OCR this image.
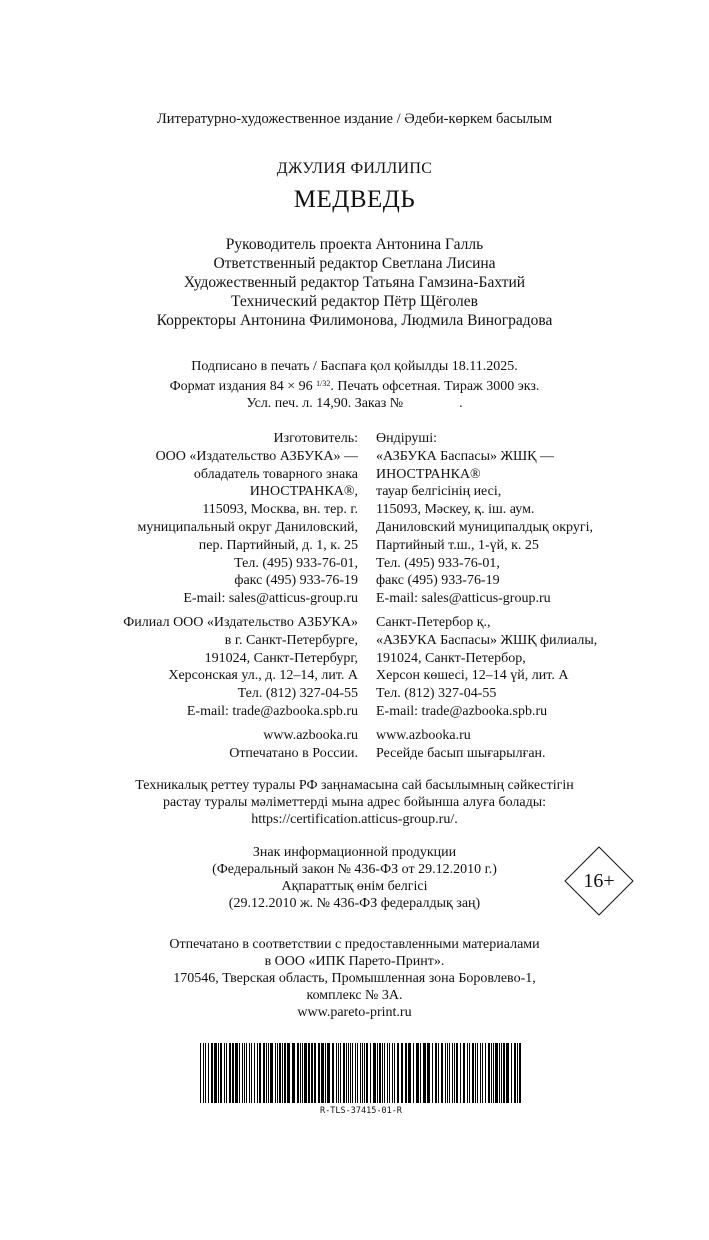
Литературно-художественное издание / Әдеби-көркем басылым
ДЖУЛИЯ ФИЛЛИПС
МЕДВЕДЬ
Руководитель проекта Антонина Галль
Ответственный редактор Светлана Лисина
Художественный редактор Татьяна Гамзина-Бахтий
Технический редактор Пётр Щёголев
Корректоры Антонина Филимонова, Людмила Виноградова
Подписано в печать / Баспаға қол қойылды 18.11.2025.
Формат издания 84 × 96 $^{1/32}$. Печать офсетная. Тираж 3000 экз.
Усл. печ. л. 14,90. Заказ №                .
Изготовитель:
ООО «Издательство АЗБУКА» —
обладатель товарного знака
ИНОСТРАНКА®,
115093, Москва, вн. тер. г.
муниципальный округ Даниловский,
пер. Партийный, д. 1, к. 25
Тел. (495) 933-76-01,
факс (495) 933-76-19
E-mail: sales@atticus-group.ru
Филиал ООО «Издательство АЗБУКА»
в г. Санкт-Петербурге,
191024, Санкт-Петербург,
Херсонская ул., д. 12–14, лит. А
Тел. (812) 327-04-55
E-mail: trade@azbooka.spb.ru
www.azbooka.ru
Отпечатано в России.
Өндіруші:
«АЗБУКА Баспасы» ЖШҚ —
ИНОСТРАНКА®
тауар белгісінің иесі,
115093, Мәскеу, қ. іш. аум.
Даниловский муниципалдық округі,
Партийный т.ш., 1-үй, к. 25
Тел. (495) 933-76-01,
факс (495) 933-76-19
E-mail: sales@atticus-group.ru
Санкт-Петербор қ.,
«АЗБУКА Баспасы» ЖШҚ филиалы,
191024, Санкт-Петербор,
Херсон көшесі, 12–14 үй, лит. А
Тел. (812) 327-04-55
E-mail: trade@azbooka.spb.ru
www.azbooka.ru
Ресейде басып шығарылған.
Техникалық реттеу туралы РФ заңнамасына сай басылымның сәйкестігін
растау туралы мәліметтерді мына адрес бойынша алуға болады:
https://certification.atticus-group.ru/.
Знак информационной продукции
(Федеральный закон № 436-ФЗ от 29.12.2010 г.)
Ақпараттық өнім белгісі
(29.12.2010 ж. № 436-ФЗ федералдық заң)
16+
Отпечатано в соответствии с предоставленными материалами
в ООО «ИПК Парето-Принт».
170546, Тверская область, Промышленная зона Боровлево-1,
комплекс № 3А.
www.pareto-print.ru
R-TLS-37415-01-R
